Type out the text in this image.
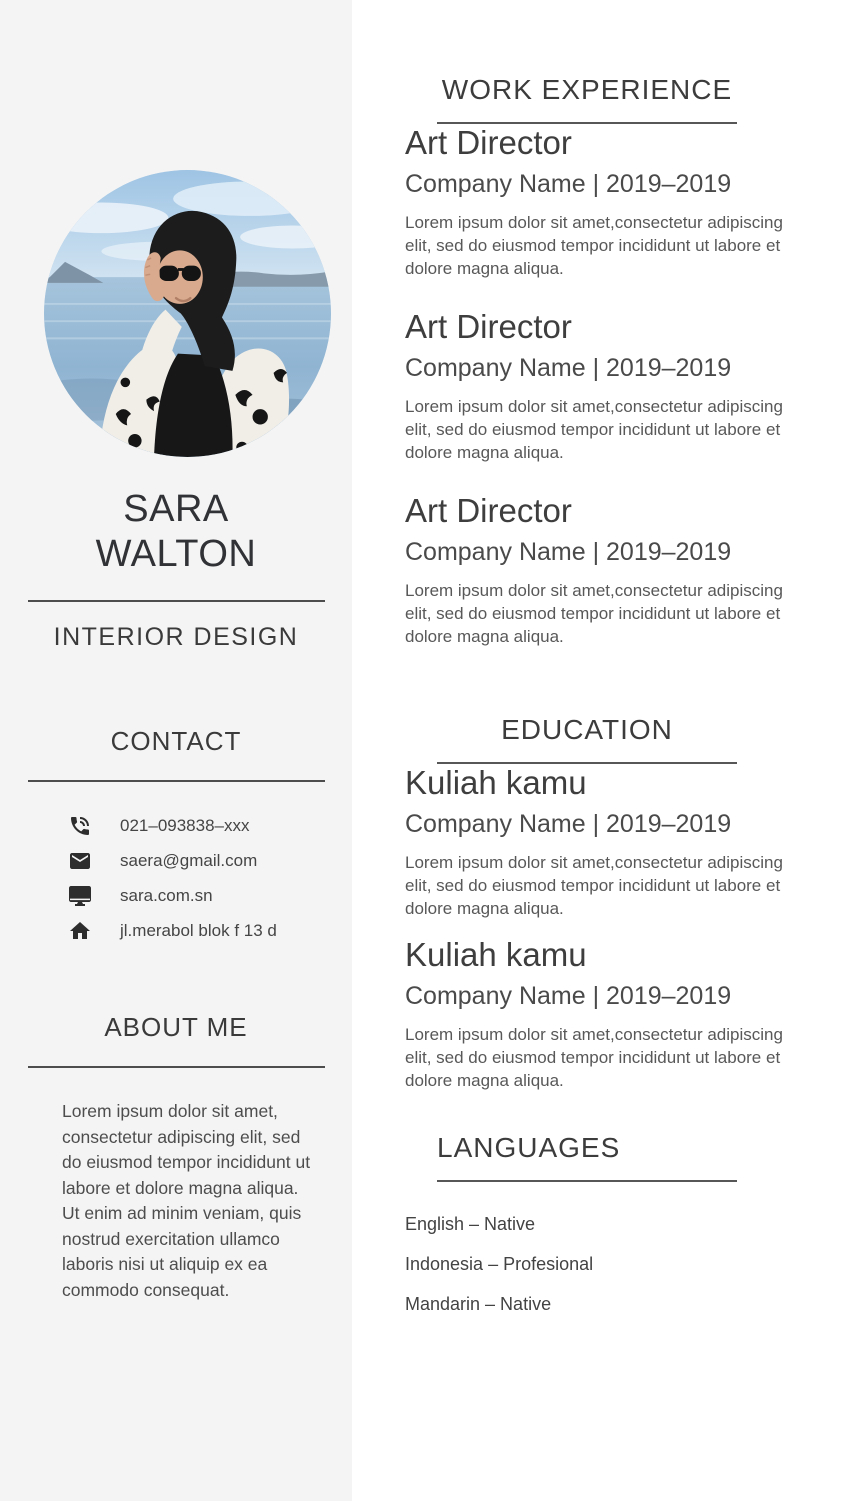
SARA
WALTON
INTERIOR DESIGN
CONTACT
021–093838–xxx
saera@gmail.com
sara.com.sn
jl.merabol blok f 13 d
ABOUT ME

Lorem ipsum dolor sit amet, consectetur adipiscing elit, sed do eiusmod tempor incididunt ut labore et dolore magna aliqua. Ut enim ad minim veniam, quis nostrud exercitation ullamco laboris nisi ut aliquip ex ea commodo consequat.

WORK EXPERIENCE
Art Director
Company Name | 2019–2019
Lorem ipsum dolor sit amet,consectetur adipiscing elit, sed do eiusmod tempor incididunt ut labore et dolore magna aliqua.
Art Director
Company Name | 2019–2019
Lorem ipsum dolor sit amet,consectetur adipiscing elit, sed do eiusmod tempor incididunt ut labore et dolore magna aliqua.
Art Director
Company Name | 2019–2019
Lorem ipsum dolor sit amet,consectetur adipiscing elit, sed do eiusmod tempor incididunt ut labore et dolore magna aliqua.
EDUCATION
Kuliah kamu
Company Name | 2019–2019
Lorem ipsum dolor sit amet,consectetur adipiscing elit, sed do eiusmod tempor incididunt ut labore et dolore magna aliqua.
Kuliah kamu
Company Name | 2019–2019
Lorem ipsum dolor sit amet,consectetur adipiscing elit, sed do eiusmod tempor incididunt ut labore et dolore magna aliqua.
LANGUAGES
English – Native
Indonesia – Profesional
Mandarin – Native
